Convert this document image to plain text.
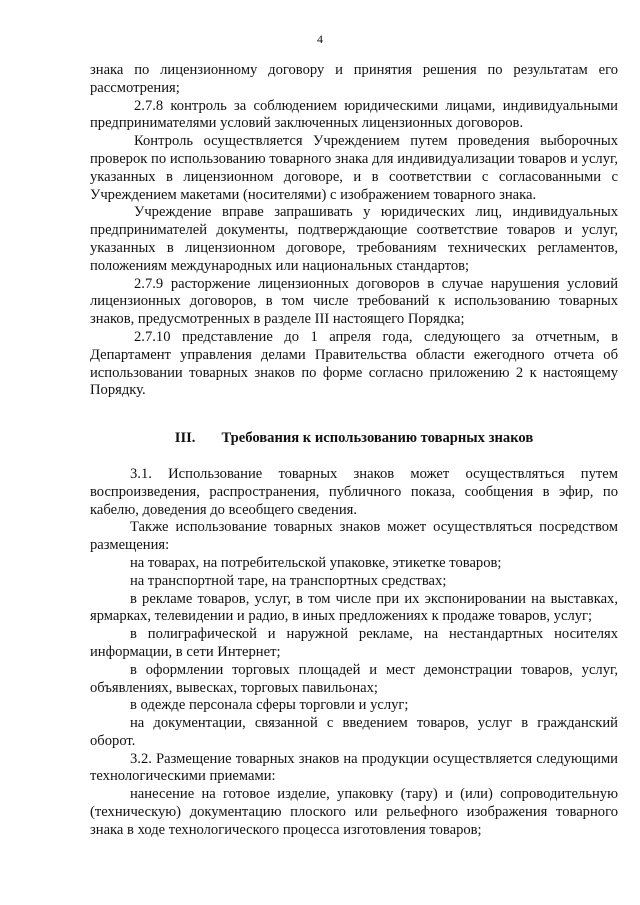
4

знака по лицензионному договору и принятия решения по результатам его рассмотрения;

2.7.8 контроль за соблюдением юридическими лицами, индивидуальными предпринимателями условий заключенных лицензионных договоров.

Контроль осуществляется Учреждением путем проведения выборочных проверок по использованию товарного знака для индивидуализации товаров и услуг, указанных в лицензионном договоре, и в соответствии с согласованными с Учреждением макетами (носителями) с изображением товарного знака.

Учреждение вправе запрашивать у юридических лиц, индивидуальных предпринимателей документы, подтверждающие соответствие товаров и услуг, указанных в лицензионном договоре, требованиям технических регламентов, положениям международных или национальных стандартов;

2.7.9 расторжение лицензионных договоров в случае нарушения условий лицензионных договоров, в том числе требований к использованию товарных знаков, предусмотренных в разделе III настоящего Порядка;

2.7.10 представление до 1 апреля года, следующего за отчетным, в Департамент управления делами Правительства области ежегодного отчета об использовании товарных знаков по форме согласно приложению 2 к настоящему Порядку.

III. Требования к использованию товарных знаков

3.1. Использование товарных знаков может осуществляться путем воспроизведения, распространения, публичного показа, сообщения в эфир, по кабелю, доведения до всеобщего сведения.

Также использование товарных знаков может осуществляться посредством размещения:

на товарах, на потребительской упаковке, этикетке товаров;

на транспортной таре, на транспортных средствах;

в рекламе товаров, услуг, в том числе при их экспонировании на выставках, ярмарках, телевидении и радио, в иных предложениях к продаже товаров, услуг;

в полиграфической и наружной рекламе, на нестандартных носителях информации, в сети Интернет;

в оформлении торговых площадей и мест демонстрации товаров, услуг, объявлениях, вывесках, торговых павильонах;

в одежде персонала сферы торговли и услуг;

на документации, связанной с введением товаров, услуг в гражданский оборот.

3.2. Размещение товарных знаков на продукции осуществляется следующими технологическими приемами:

нанесение на готовое изделие, упаковку (тару) и (или) сопроводительную (техническую) документацию плоского или рельефного изображения товарного знака в ходе технологического процесса изготовления товаров;
